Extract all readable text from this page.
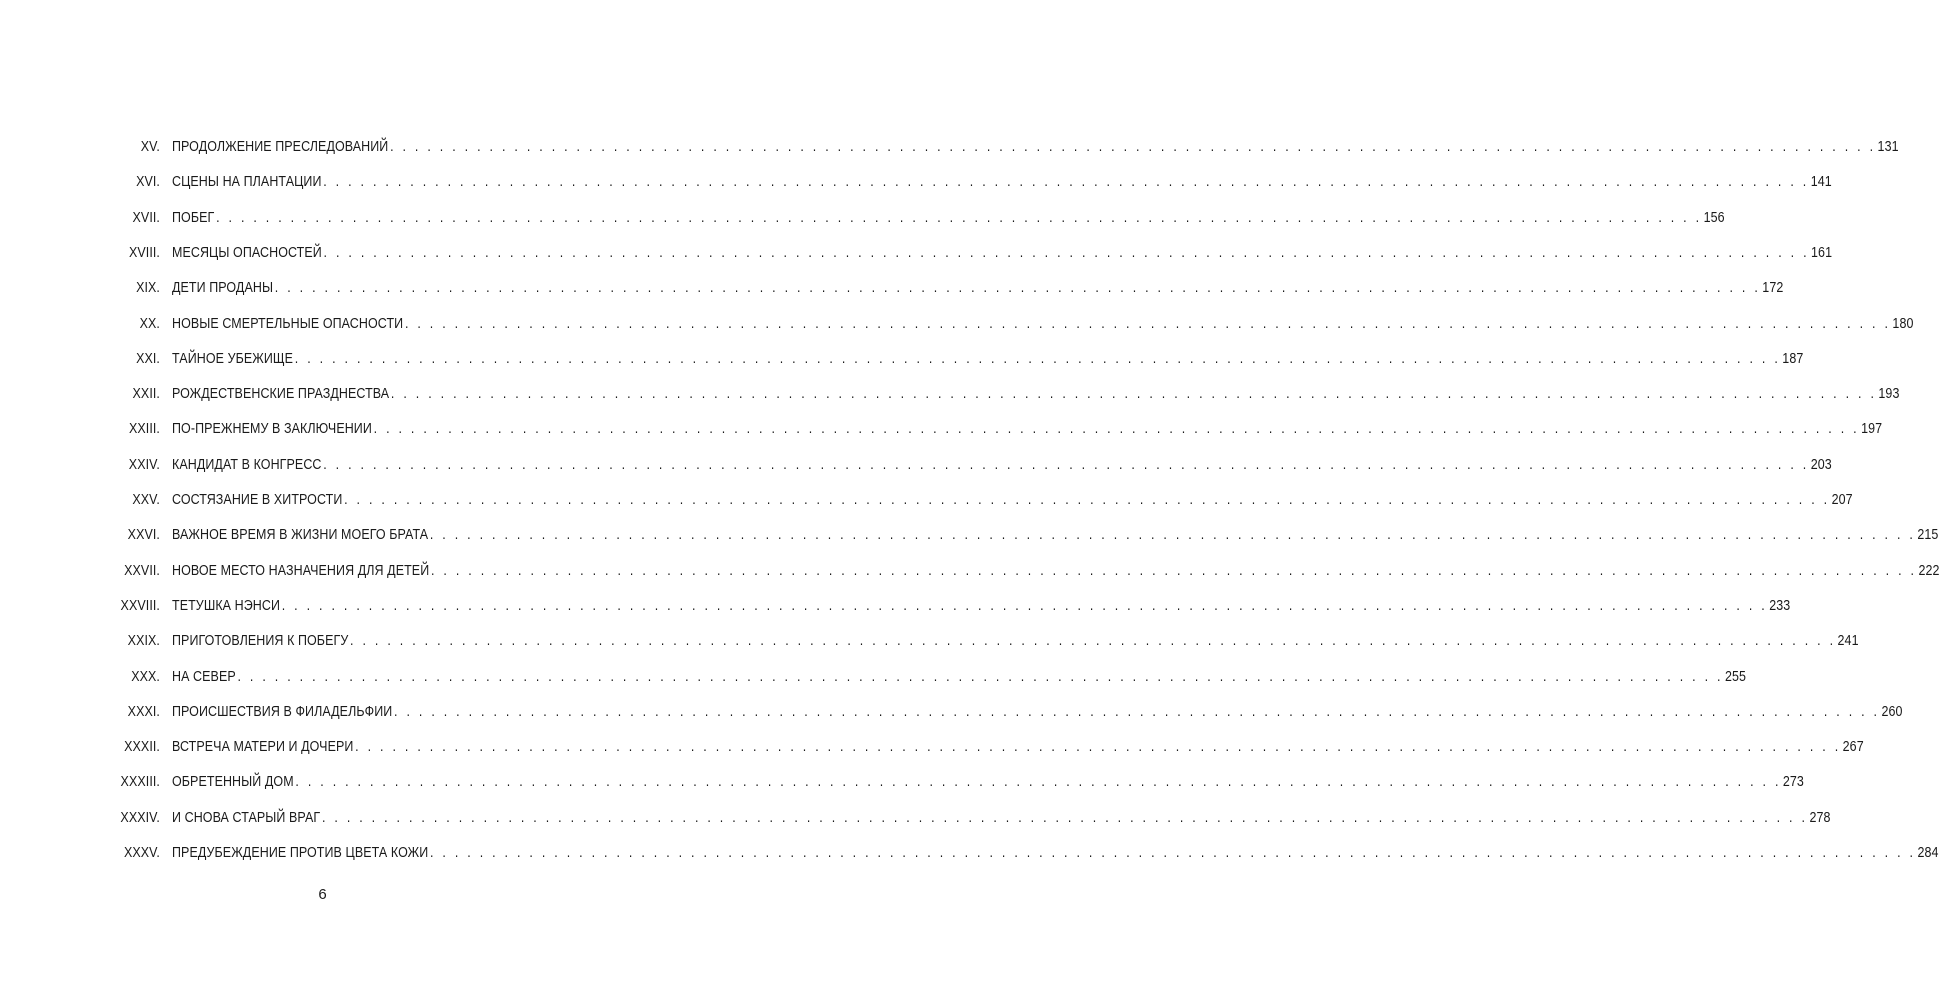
XV. ПРОДОЛЖЕНИЕ ПРЕСЛЕДОВАНИЙ . . . . . . . . . . . . . . . . . . . . . . . . . . . . . . . . . . . . . . . . . . . . . . . . . . . . . . . . . . . . . . . . . . . . . . . . . . . . . . . . . . . . . . . . . . . . . . . . . . . . . . . . . . . . . . . . . . . . . . . . 131
XVI. СЦЕНЫ НА ПЛАНТАЦИИ . . . . . . . . . . . . . . . . . . . . . . . . . . . . . . . . . . . . . . . . . . . . . . . . . . . . . . . . . . . . . . . . . . . . . . . . . . . . . . . . . . . . . . . . . . . . . . . . . . . . . . . . . . . . . . . . . . . . . . . . 141
XVII. ПОБЕГ . . . . . . . . . . . . . . . . . . . . . . . . . . . . . . . . . . . . . . . . . . . . . . . . . . . . . . . . . . . . . . . . . . . . . . . . . . . . . . . . . . . . . . . . . . . . . . . . . . . . . . . . . . . . . . . . . . . . . . . . 156
XVIII. МЕСЯЦЫ ОПАСНОСТЕЙ . . . . . . . . . . . . . . . . . . . . . . . . . . . . . . . . . . . . . . . . . . . . . . . . . . . . . . . . . . . . . . . . . . . . . . . . . . . . . . . . . . . . . . . . . . . . . . . . . . . . . . . . . . . . . . . . . . . . . . . . 161
XIX. ДЕТИ ПРОДАНЫ . . . . . . . . . . . . . . . . . . . . . . . . . . . . . . . . . . . . . . . . . . . . . . . . . . . . . . . . . . . . . . . . . . . . . . . . . . . . . . . . . . . . . . . . . . . . . . . . . . . . . . . . . . . . . . . . . . . . . . . . 172
XX. НОВЫЕ СМЕРТЕЛЬНЫЕ ОПАСНОСТИ . . . . . . . . . . . . . . . . . . . . . . . . . . . . . . . . . . . . . . . . . . . . . . . . . . . . . . . . . . . . . . . . . . . . . . . . . . . . . . . . . . . . . . . . . . . . . . . . . . . . . . . . . . . . . . . . . . . . . . . . 180
XXI. ТАЙНОЕ УБЕЖИЩЕ . . . . . . . . . . . . . . . . . . . . . . . . . . . . . . . . . . . . . . . . . . . . . . . . . . . . . . . . . . . . . . . . . . . . . . . . . . . . . . . . . . . . . . . . . . . . . . . . . . . . . . . . . . . . . . . . . . . . . . . . 187
XXII. РОЖДЕСТВЕНСКИЕ ПРАЗДНЕСТВА . . . . . . . . . . . . . . . . . . . . . . . . . . . . . . . . . . . . . . . . . . . . . . . . . . . . . . . . . . . . . . . . . . . . . . . . . . . . . . . . . . . . . . . . . . . . . . . . . . . . . . . . . . . . . . . . . . . . . . . . 193
XXIII. ПО-ПРЕЖНЕМУ В ЗАКЛЮЧЕНИИ . . . . . . . . . . . . . . . . . . . . . . . . . . . . . . . . . . . . . . . . . . . . . . . . . . . . . . . . . . . . . . . . . . . . . . . . . . . . . . . . . . . . . . . . . . . . . . . . . . . . . . . . . . . . . . . . . . . . . . . . 197
XXIV. КАНДИДАТ В КОНГРЕСС . . . . . . . . . . . . . . . . . . . . . . . . . . . . . . . . . . . . . . . . . . . . . . . . . . . . . . . . . . . . . . . . . . . . . . . . . . . . . . . . . . . . . . . . . . . . . . . . . . . . . . . . . . . . . . . . . . . . . . . . 203
XXV. СОСТЯЗАНИЕ В ХИТРОСТИ . . . . . . . . . . . . . . . . . . . . . . . . . . . . . . . . . . . . . . . . . . . . . . . . . . . . . . . . . . . . . . . . . . . . . . . . . . . . . . . . . . . . . . . . . . . . . . . . . . . . . . . . . . . . . . . . . . . . . . . . 207
XXVI. ВАЖНОЕ ВРЕМЯ В ЖИЗНИ МОЕГО БРАТА . . . . . . . . . . . . . . . . . . . . . . . . . . . . . . . . . . . . . . . . . . . . . . . . . . . . . . . . . . . . . . . . . . . . . . . . . . . . . . . . . . . . . . . . . . . . . . . . . . . . . . . . . . . . . . . . . . . . . . . . 215
XXVII. НОВОЕ МЕСТО НАЗНАЧЕНИЯ ДЛЯ ДЕТЕЙ . . . . . . . . . . . . . . . . . . . . . . . . . . . . . . . . . . . . . . . . . . . . . . . . . . . . . . . . . . . . . . . . . . . . . . . . . . . . . . . . . . . . . . . . . . . . . . . . . . . . . . . . . . . . . . . . . . . . . . . . 222
XXVIII. ТЕТУШКА НЭНСИ . . . . . . . . . . . . . . . . . . . . . . . . . . . . . . . . . . . . . . . . . . . . . . . . . . . . . . . . . . . . . . . . . . . . . . . . . . . . . . . . . . . . . . . . . . . . . . . . . . . . . . . . . . . . . . . . . . . . . . . . 233
XXIX. ПРИГОТОВЛЕНИЯ К ПОБЕГУ . . . . . . . . . . . . . . . . . . . . . . . . . . . . . . . . . . . . . . . . . . . . . . . . . . . . . . . . . . . . . . . . . . . . . . . . . . . . . . . . . . . . . . . . . . . . . . . . . . . . . . . . . . . . . . . . . . . . . . . . 241
XXX. НА СЕВЕР . . . . . . . . . . . . . . . . . . . . . . . . . . . . . . . . . . . . . . . . . . . . . . . . . . . . . . . . . . . . . . . . . . . . . . . . . . . . . . . . . . . . . . . . . . . . . . . . . . . . . . . . . . . . . . . . . . . . . . . . 255
XXXI. ПРОИСШЕСТВИЯ В ФИЛАДЕЛЬФИИ . . . . . . . . . . . . . . . . . . . . . . . . . . . . . . . . . . . . . . . . . . . . . . . . . . . . . . . . . . . . . . . . . . . . . . . . . . . . . . . . . . . . . . . . . . . . . . . . . . . . . . . . . . . . . . . . . . . . . . . . 260
XXXII. ВСТРЕЧА МАТЕРИ И ДОЧЕРИ . . . . . . . . . . . . . . . . . . . . . . . . . . . . . . . . . . . . . . . . . . . . . . . . . . . . . . . . . . . . . . . . . . . . . . . . . . . . . . . . . . . . . . . . . . . . . . . . . . . . . . . . . . . . . . . . . . . . . . . . 267
XXXIII. ОБРЕТЕННЫЙ ДОМ . . . . . . . . . . . . . . . . . . . . . . . . . . . . . . . . . . . . . . . . . . . . . . . . . . . . . . . . . . . . . . . . . . . . . . . . . . . . . . . . . . . . . . . . . . . . . . . . . . . . . . . . . . . . . . . . . . . . . . . . 273
XXXIV. И СНОВА СТАРЫЙ ВРАГ . . . . . . . . . . . . . . . . . . . . . . . . . . . . . . . . . . . . . . . . . . . . . . . . . . . . . . . . . . . . . . . . . . . . . . . . . . . . . . . . . . . . . . . . . . . . . . . . . . . . . . . . . . . . . . . . . . . . . . . . 278
XXXV. ПРЕДУБЕЖДЕНИЕ ПРОТИВ ЦВЕТА КОЖИ . . . . . . . . . . . . . . . . . . . . . . . . . . . . . . . . . . . . . . . . . . . . . . . . . . . . . . . . . . . . . . . . . . . . . . . . . . . . . . . . . . . . . . . . . . . . . . . . . . . . . . . . . . . . . . . . . . . . . . . . 284
6
